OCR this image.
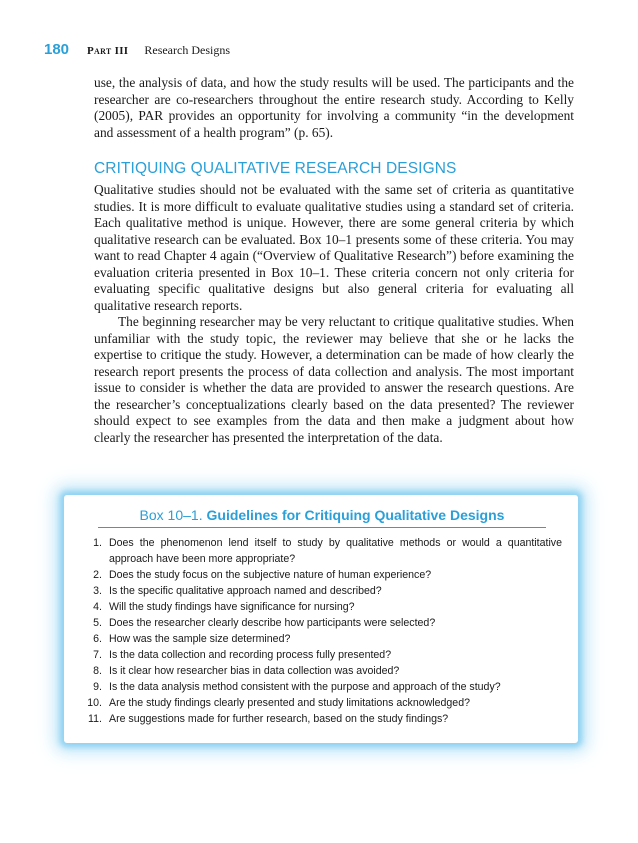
180 Part III Research Designs

use, the analysis of data, and how the study results will be used. The participants and the researcher are co-researchers throughout the entire research study. According to Kelly (2005), PAR provides an opportunity for involving a community “in the development and assessment of a health program” (p. 65).

CRITIQUING QUALITATIVE RESEARCH DESIGNS

Qualitative studies should not be evaluated with the same set of criteria as quantitative studies. It is more difficult to evaluate qualitative studies using a standard set of criteria. Each qualitative method is unique. However, there are some general criteria by which qualitative research can be evaluated. Box 10–1 presents some of these criteria. You may want to read Chapter 4 again (“Overview of Qualitative Research”) before examining the evaluation criteria presented in Box 10–1. These criteria concern not only criteria for evaluating specific qualitative designs but also general criteria for evaluating all qualitative research reports.

The beginning researcher may be very reluctant to critique qualitative studies. When unfamiliar with the study topic, the reviewer may believe that she or he lacks the expertise to critique the study. However, a determination can be made of how clearly the research report presents the process of data collection and analysis. The most important issue to consider is whether the data are provided to answer the research questions. Are the researcher’s conceptualizations clearly based on the data presented? The reviewer should expect to see examples from the data and then make a judgment about how clearly the researcher has presented the interpretation of the data.

Box 10–1. Guidelines for Critiquing Qualitative Designs
1. Does the phenomenon lend itself to study by qualitative methods or would a quantitative approach have been more appropriate?
2. Does the study focus on the subjective nature of human experience?
3. Is the specific qualitative approach named and described?
4. Will the study findings have significance for nursing?
5. Does the researcher clearly describe how participants were selected?
6. How was the sample size determined?
7. Is the data collection and recording process fully presented?
8. Is it clear how researcher bias in data collection was avoided?
9. Is the data analysis method consistent with the purpose and approach of the study?
10. Are the study findings clearly presented and study limitations acknowledged?
11. Are suggestions made for further research, based on the study findings?
